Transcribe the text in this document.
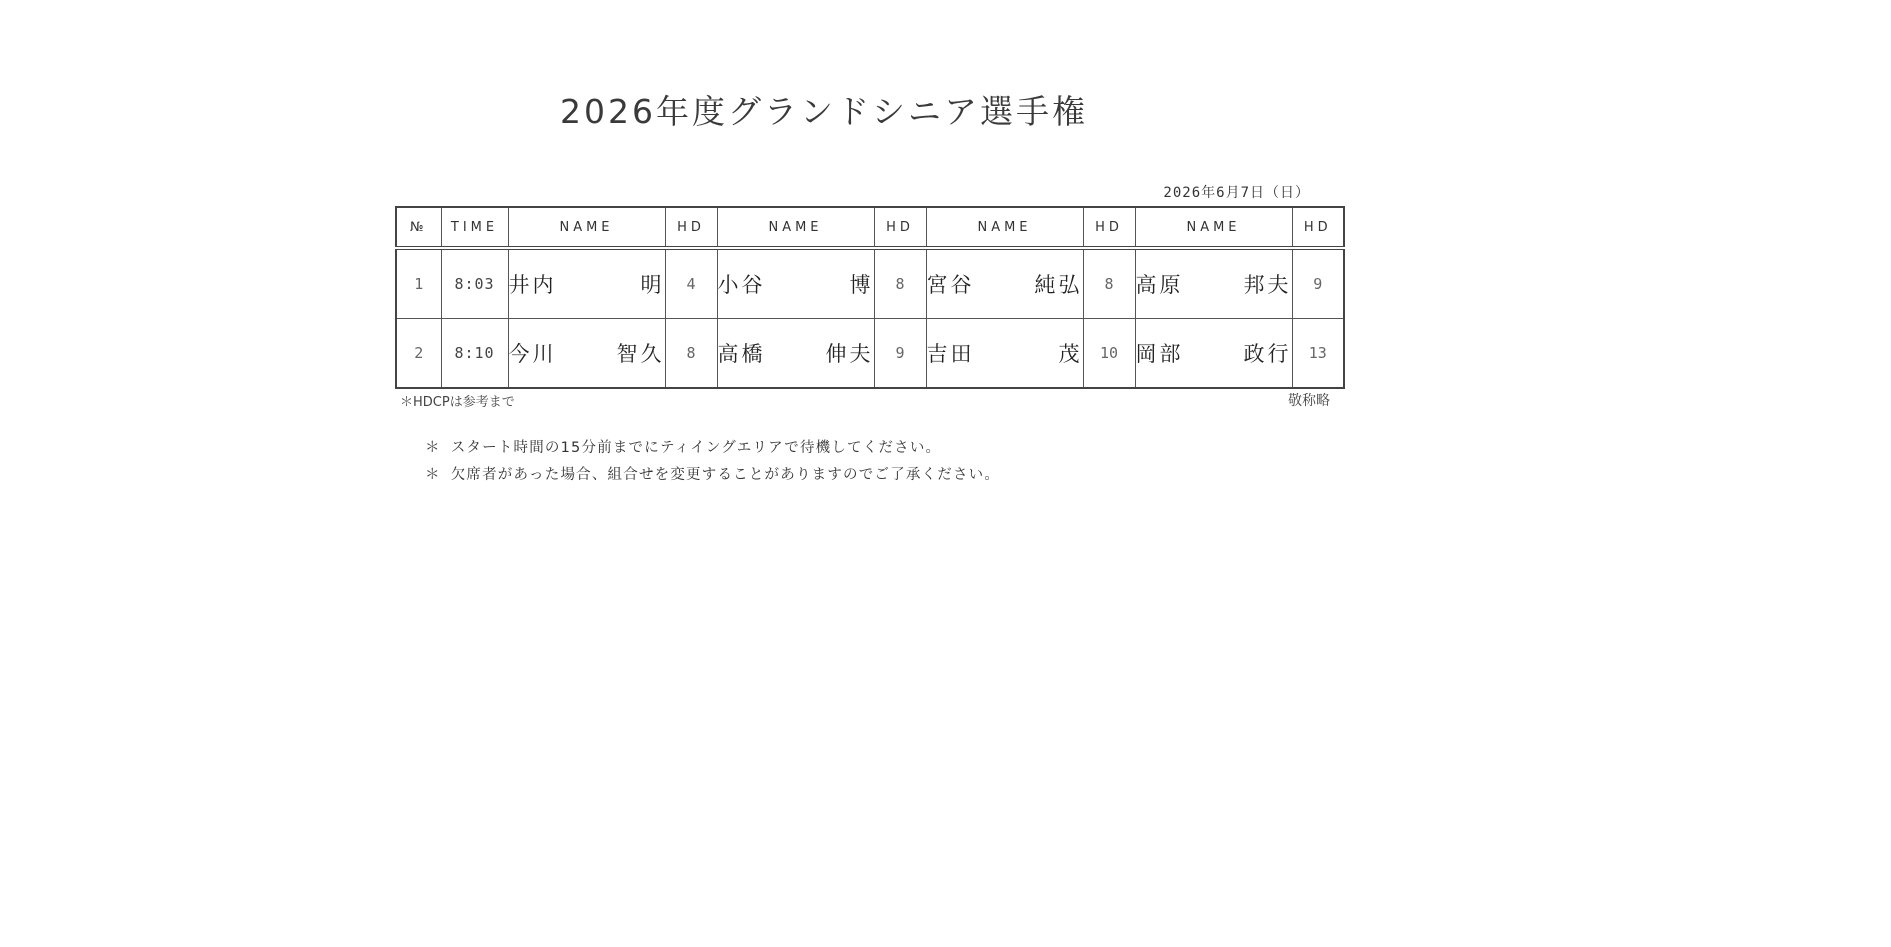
2026年度グランドシニア選手権
2026年6月7日（日）
№	TIME	NAME	HD	NAME	HD	NAME	HD	NAME	HD
1	8:03	井内 明	4	小谷 博	8	宮谷 純弘	8	高原 邦夫	9
2	8:10	今川 智久	8	高橋 伸夫	9	吉田 茂	10	岡部 政行	13
＊HDCPは参考まで	敬称略
＊ スタート時間の15分前までにティイングエリアで待機してください。
＊ 欠席者があった場合、組合せを変更することがありますのでご了承ください。
